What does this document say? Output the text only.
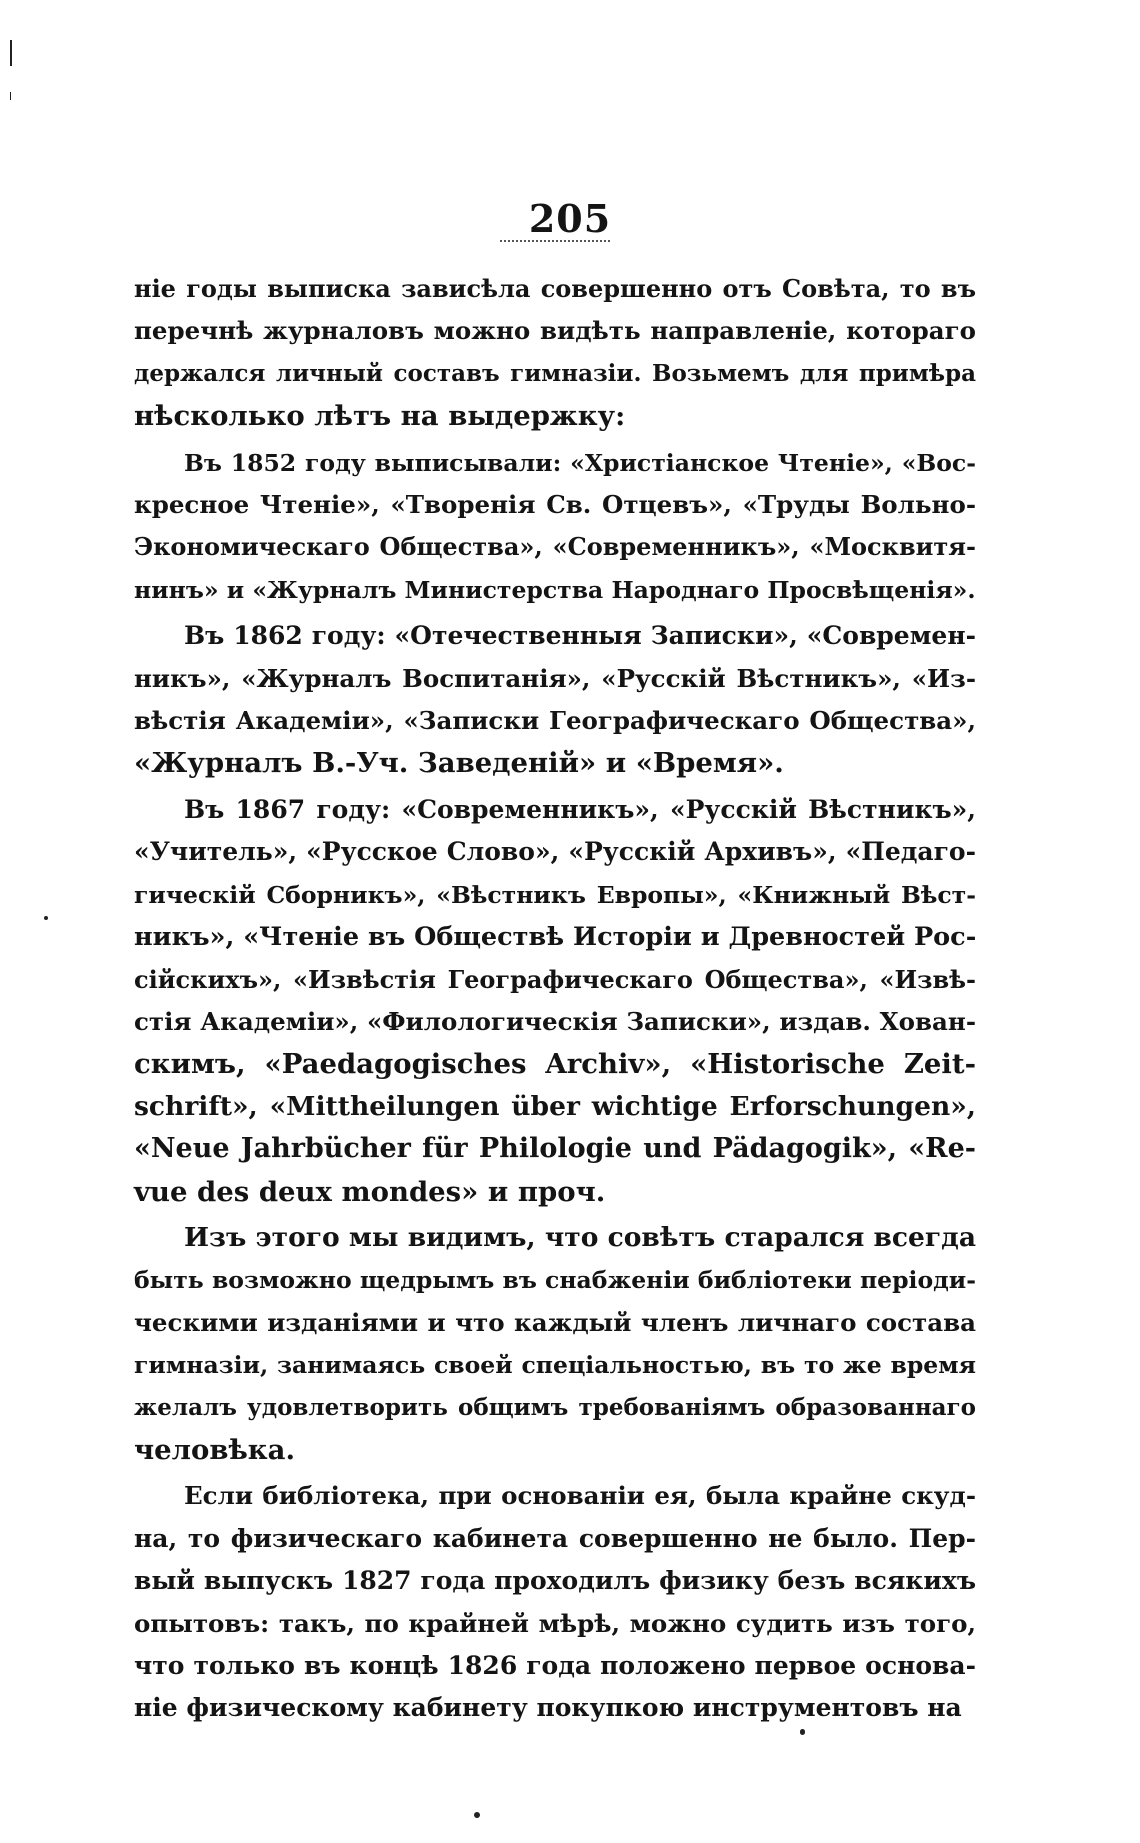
205
ніе годы выписка зависѣла совершенно отъ Совѣта, то въ
перечнѣ журналовъ можно видѣть направленіе, котораго
держался личный составъ гимназіи. Возьмемъ для примѣра
нѣсколько лѣтъ на выдержку:
Въ 1852 году выписывали: «Христіанское Чтеніе», «Вос-
кресное Чтеніе», «Творенія Св. Отцевъ», «Труды Вольно-
Экономическаго Общества», «Современникъ», «Москвитя-
нинъ» и «Журналъ Министерства Народнаго Просвѣщенія».
Въ 1862 году: «Отечественныя Записки», «Современ-
никъ», «Журналъ Воспитанія», «Русскій Вѣстникъ», «Из-
вѣстія Академіи», «Записки Географическаго Общества»,
«Журналъ В.-Уч. Заведеній» и «Время».
Въ 1867 году: «Современникъ», «Русскій Вѣстникъ»,
«Учитель», «Русское Слово», «Русскій Архивъ», «Педаго-
гическій Сборникъ», «Вѣстникъ Европы», «Книжный Вѣст-
никъ», «Чтеніе въ Обществѣ Исторіи и Древностей Рос-
сійскихъ», «Извѣстія Географическаго Общества», «Извѣ-
стія Академіи», «Филологическія Записки», издав. Хован-
скимъ, «Paedagogisches Archiv», «Historische Zeit-
schrift», «Mittheilungen über wichtige Erforschungen»,
«Neue Jahrbücher für Philologie und Pädagogik», «Re-
vue des deux mondes» и проч.
Изъ этого мы видимъ, что совѣтъ старался всегда
быть возможно щедрымъ въ снабженіи библіотеки періоди-
ческими изданіями и что каждый членъ личнаго состава
гимназіи, занимаясь своей спеціальностью, въ то же время
желалъ удовлетворить общимъ требованіямъ образованнаго
человѣка.
Если библіотека, при основаніи ея, была крайне скуд-
на, то физическаго кабинета совершенно не было. Пер-
вый выпускъ 1827 года проходилъ физику безъ всякихъ
опытовъ: такъ, по крайней мѣрѣ, можно судить изъ того,
что только въ концѣ 1826 года положено первое основа-
ніе физическому кабинету покупкою инструментовъ на
